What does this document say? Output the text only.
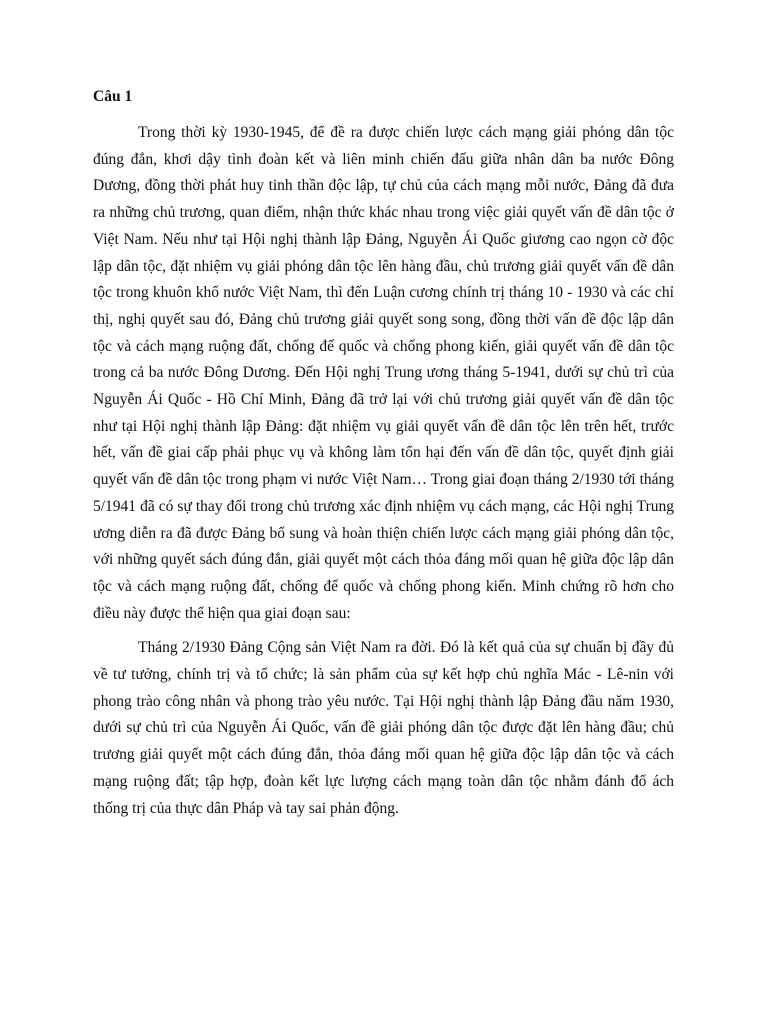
Câu 1

Trong thời kỳ 1930-1945, để đề ra được chiến lược cách mạng giải phóng dân tộc đúng đắn, khơi dậy tình đoàn kết và liên minh chiến đấu giữa nhân dân ba nước Đông Dương, đồng thời phát huy tinh thần độc lập, tự chủ của cách mạng mỗi nước, Đảng đã đưa ra những chủ trương, quan điểm, nhận thức khác nhau trong việc giải quyết vấn đề dân tộc ở Việt Nam. Nếu như tại Hội nghị thành lập Đảng, Nguyễn Ái Quốc giương cao ngọn cờ độc lập dân tộc, đặt nhiệm vụ giải phóng dân tộc lên hàng đầu, chủ trương giải quyết vấn đề dân tộc trong khuôn khổ nước Việt Nam, thì đến Luận cương chính trị tháng 10 - 1930 và các chỉ thị, nghị quyết sau đó, Đảng chủ trương giải quyết song song, đồng thời vấn đề độc lập dân tộc và cách mạng ruộng đất, chống đế quốc và chống phong kiến, giải quyết vấn đề dân tộc trong cả ba nước Đông Dương. Đến Hội nghị Trung ương tháng 5-1941, dưới sự chủ trì của Nguyễn Ái Quốc - Hồ Chí Minh, Đảng đã trở lại với chủ trương giải quyết vấn đề dân tộc như tại Hội nghị thành lập Đảng: đặt nhiệm vụ giải quyết vấn đề dân tộc lên trên hết, trước hết, vấn đề giai cấp phải phục vụ và không làm tổn hại đến vấn đề dân tộc, quyết định giải quyết vấn đề dân tộc trong phạm vi nước Việt Nam… Trong giai đoạn tháng 2/1930 tới tháng 5/1941 đã có sự thay đổi trong chủ trương xác định nhiệm vụ cách mạng, các Hội nghị Trung ương diễn ra đã được Đảng bổ sung và hoàn thiện chiến lược cách mạng giải phóng dân tộc, với những quyết sách đúng đắn, giải quyết một cách thỏa đáng mối quan hệ giữa độc lập dân tộc và cách mạng ruộng đất, chống đế quốc và chống phong kiến. Minh chứng rõ hơn cho điều này được thể hiện qua giai đoạn sau:

Tháng 2/1930 Đảng Cộng sản Việt Nam ra đời. Đó là kết quả của sự chuẩn bị đầy đủ về tư tưởng, chính trị và tổ chức; là sản phẩm của sự kết hợp chủ nghĩa Mác - Lê-nin với phong trào công nhân và phong trào yêu nước. Tại Hội nghị thành lập Đảng đầu năm 1930, dưới sự chủ trì của Nguyễn Ái Quốc, vấn đề giải phóng dân tộc được đặt lên hàng đầu; chủ trương giải quyết một cách đúng đắn, thỏa đáng mối quan hệ giữa độc lập dân tộc và cách mạng ruộng đất; tập hợp, đoàn kết lực lượng cách mạng toàn dân tộc nhằm đánh đổ ách thống trị của thực dân Pháp và tay sai phản động.
